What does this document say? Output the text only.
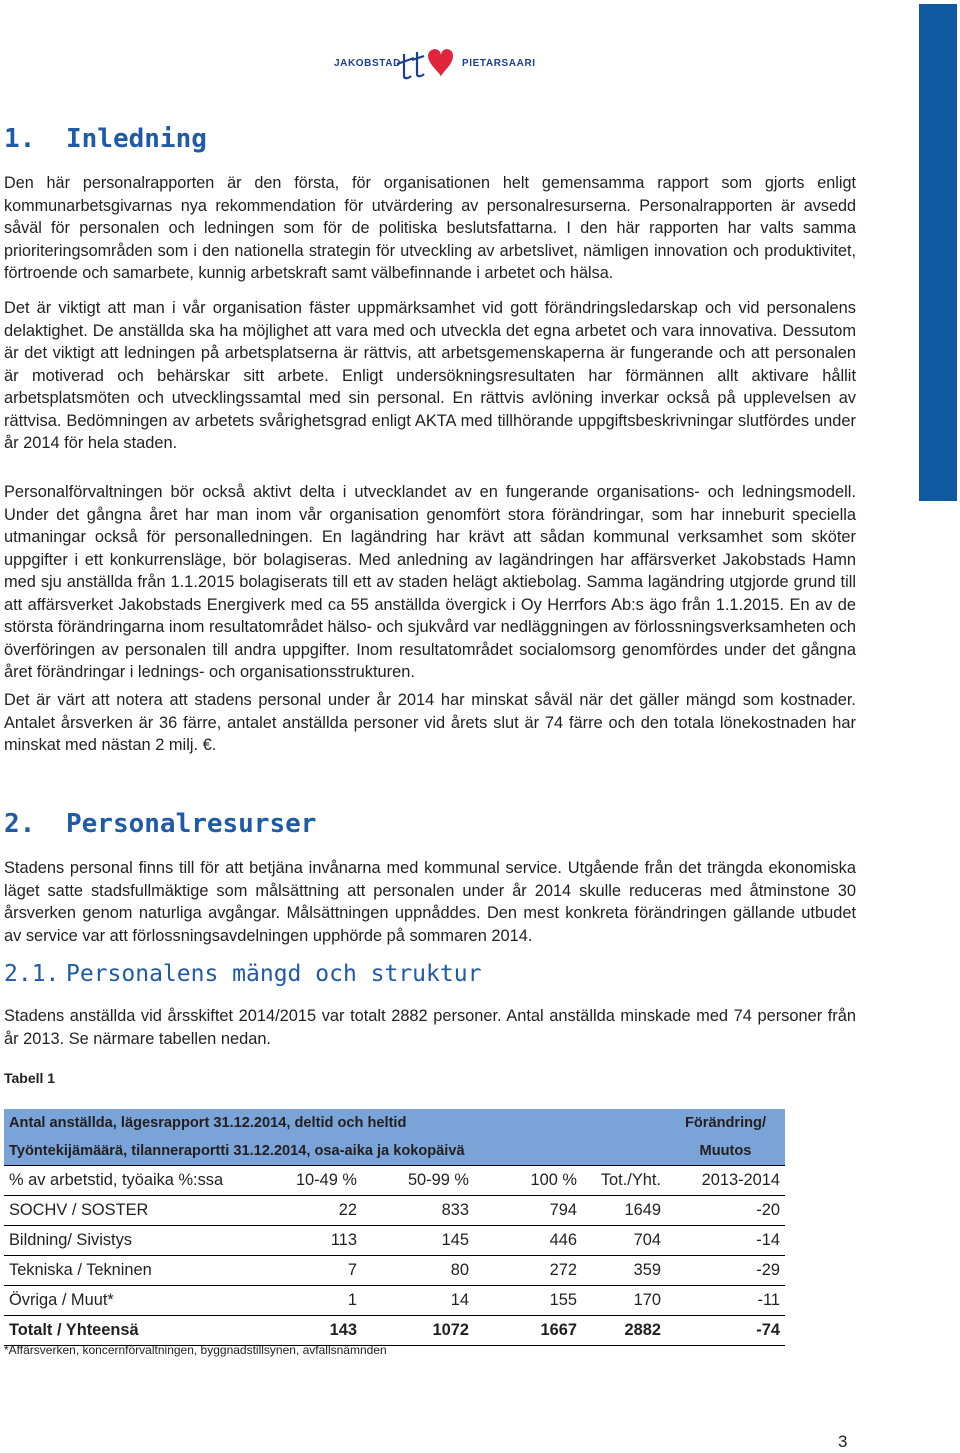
JAKOBSTAD
tt
PIETARSAARI
1. Inledning

Den här personalrapporten är den första, för organisationen helt gemensamma rapport som gjorts enligt kommunarbetsgivarnas nya rekommendation för utvärdering av personalresurserna. Personalrapporten är avsedd såväl för personalen och ledningen som för de politiska beslutsfattarna. I den här rapporten har valts samma prioriteringsområden som i den nationella strategin för utveckling av arbetslivet, nämligen innovation och produktivitet, förtroende och samarbete, kunnig arbetskraft samt välbefinnande i arbetet och hälsa.

Det är viktigt att man i vår organisation fäster uppmärksamhet vid gott förändringsledarskap och vid personalens delaktighet. De anställda ska ha möjlighet att vara med och utveckla det egna arbetet och vara innovativa. Dessutom är det viktigt att ledningen på arbetsplatserna är rättvis, att arbetsgemenskaperna är fungerande och att personalen är motiverad och behärskar sitt arbete. Enligt undersökningsresultaten har förmännen allt aktivare hållit arbetsplatsmöten och utvecklingssamtal med sin personal. En rättvis avlöning inverkar också på upplevelsen av rättvisa. Bedömningen av arbetets svårighetsgrad enligt AKTA med tillhörande uppgiftsbeskrivningar slutfördes under år 2014 för hela staden.

Personalförvaltningen bör också aktivt delta i utvecklandet av en fungerande organisations- och ledningsmodell. Under det gångna året har man inom vår organisation genomfört stora förändringar, som har inneburit speciella utmaningar också för personalledningen. En lagändring har krävt att sådan kommunal verksamhet som sköter uppgifter i ett konkurrensläge, bör bolagiseras. Med anledning av lagändringen har affärsverket Jakobstads Hamn med sju anställda från 1.1.2015 bolagiserats till ett av staden helägt aktiebolag. Samma lagändring utgjorde grund till att affärsverket Jakobstads Energiverk med ca 55 anställda övergick i Oy Herrfors Ab:s ägo från 1.1.2015. En av de största förändringarna inom resultatområdet hälso- och sjukvård var nedläggningen av förlossningsverksamheten och överföringen av personalen till andra uppgifter. Inom resultatområdet socialomsorg genomfördes under det gångna året förändringar i lednings- och organisationsstrukturen.

Det är värt att notera att stadens personal under år 2014 har minskat såväl när det gäller mängd som kostnader. Antalet årsverken är 36 färre, antalet anställda personer vid årets slut är 74 färre och den totala lönekostnaden har minskat med nästan 2 milj. €.

2. Personalresurser

Stadens personal finns till för att betjäna invånarna med kommunal service. Utgående från det trängda ekonomiska läget satte stadsfullmäktige som målsättning att personalen under år 2014 skulle reduceras med åtminstone 30 årsverken genom naturliga avgångar. Målsättningen uppnåddes. Den mest konkreta förändringen gällande utbudet av service var att förlossningsavdelningen upphörde på sommaren 2014.

2.1. Personalens mängd och struktur

Stadens anställda vid årsskiftet 2014/2015 var totalt 2882 personer. Antal anställda minskade med 74 personer från år 2013. Se närmare tabellen nedan.

Tabell 1

Antal anställda, lägesrapport 31.12.2014, deltid och heltid					Förändring/
Työntekijämäärä, tilanneraportti 31.12.2014, osa-aika ja kokopäivä					Muutos
% av arbetstid, työaika %:ssa	10-49 %	50-99 %	100 %	Tot./Yht.	2013-2014
SOCHV / SOSTER	22	833	794	1649	-20
Bildning/ Sivistys	113	145	446	704	-14
Tekniska / Tekninen	7	80	272	359	-29
Övriga / Muut*	1	14	155	170	-11
Totalt / Yhteensä	143	1072	1667	2882	-74

*Affärsverken, koncernförvaltningen, byggnadstillsynen, avfallsnämnden

3
